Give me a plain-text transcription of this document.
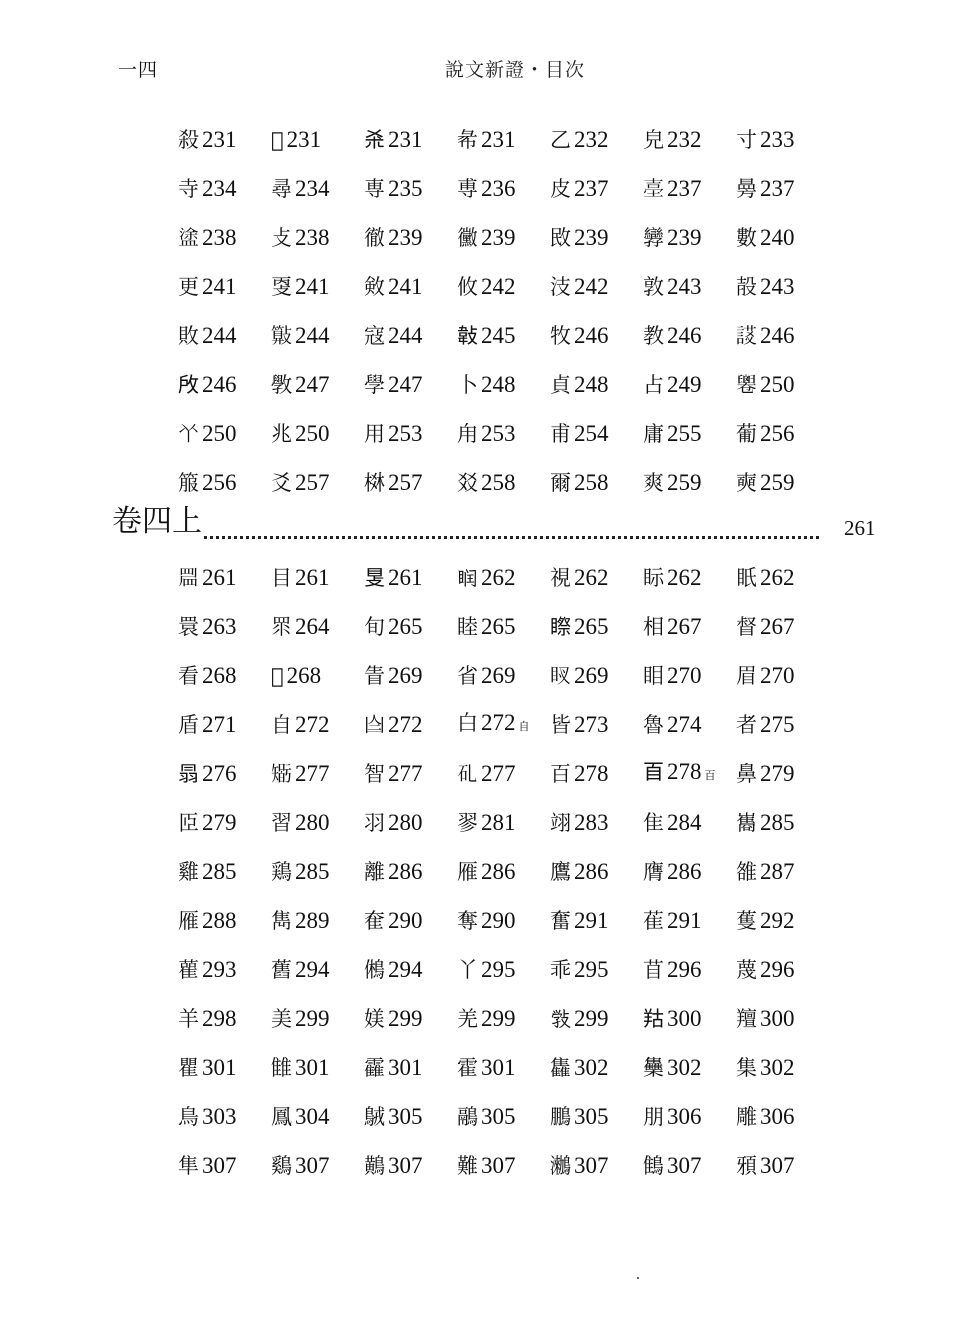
一四	說文新證・目次
殺 231 𢿋 231 𣏂 231 㣇 231 乙 232 皃 232 寸 233
寺 234 尋 234 専 235 尃 236 皮 237 𡌬 237 㬅 237
𥂋 238 攴 238 徹 239 黴 239 敃 239 㝈 239 數 240
更 241 㪅 241 㪘 241 攸 242 汥 242 敦 243 㱿 243
敗 244 𣀔 244 寇 244 𢾁 245 牧 246 教 246 𧩃 246
𢼄 246 斆 247 學 247 卜 248 貞 248 占 249 𠨧 250
𠁥 250 兆 250 用 253 甪 253 甫 254 庸 255 葡 256
箙 256 爻 257 棥 257 㸚 258 爾 258 爽 259 奭 259
卷四上	261
𥆞 261 目 261 𥄎 261 𥆧 262 視 262 眎 262 眂 262
睘 263 眔 264 旬 265 睦 265 𥉻 265 相 267 督 267
看 268 𩏽 268 眚 269 省 269 𥄗 269 䀠 270 眉 270
盾 271 自 272 𦣹 272 白 272 自 皆 273 魯 274 者 275
𦐇 276 𥏼 277 智 277 𥐕 277 百 278 𦣻 278 百 鼻 279
𦣝 279 習 280 羽 280 翏 281 翊 283 隹 284 巂 285
雞 285 鶏 285 離 286 雁 286 鷹 286 膺 286 雒 287
雁 288 雋 289 奞 290 奪 290 奮 291 萑 291 蒦 292
雚 293 舊 294 鵂 294 丫 295 乖 295 苜 296 蔑 296
羊 298 美 299 媄 299 羌 299 𢽾 299 𦍩 300 羶 300
瞿 301 雔 301 靃 301 霍 301 雥 302 雧 302 集 302
鳥 303 鳳 304 𪀚 305 鷊 305 鵬 305 朋 306 雕 306
隼 307 鷄 307 鷬 307 難 307 𪆵 307 䳡 307 䪵 307
